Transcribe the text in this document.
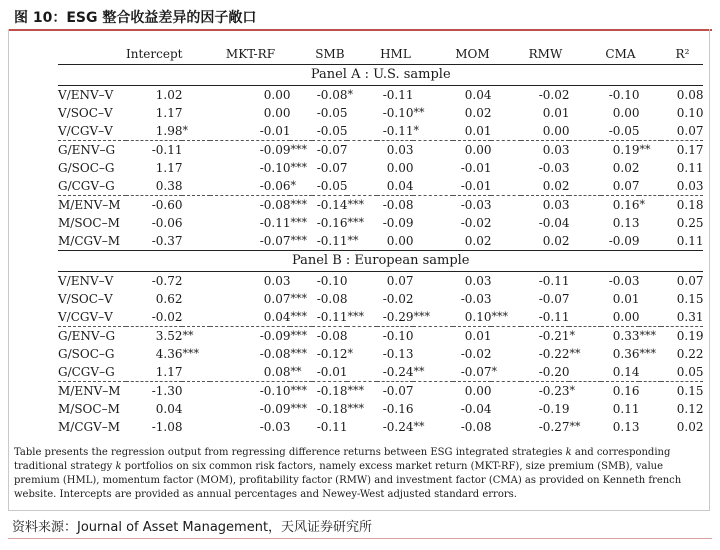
图 10：ESG 整合收益差异的因子敞口
	Intercept		MKT-RF		SMB		HML		MOM		RMW		CMA		R²
Panel A : U.S. sample															
V/ENV–V	1.02		0.00		-0.08	*	-0.11		0.04		-0.02		-0.10		0.08
V/SOC–V	1.17		0.00		-0.05		-0.10	**	0.02		0.01		0.00		0.10
V/CGV–V	1.98	*	-0.01		-0.05		-0.11	*	0.01		0.00		-0.05		0.07
G/ENV–G	-0.11		-0.09	***	-0.07		0.03		0.00		0.03		0.19	**	0.17
G/SOC–G	1.17		-0.10	***	-0.07		0.00		-0.01		-0.03		0.02		0.11
G/CGV–G	0.38		-0.06	*	-0.05		0.04		-0.01		0.02		0.07		0.03
M/ENV–M	-0.60		-0.08	***	-0.14	***	-0.08		-0.03		0.03		0.16	*	0.18
M/SOC–M	-0.06		-0.11	***	-0.16	***	-0.09		-0.02		-0.04		0.13		0.25
M/CGV–M	-0.37		-0.07	***	-0.11	**	0.00		0.02		0.02		-0.09		0.11
Panel B : European sample															
V/ENV–V	-0.72		0.03		-0.10		0.07		0.03		-0.11		-0.03		0.07
V/SOC–V	0.62		0.07	***	-0.08		-0.02		-0.03		-0.07		0.01		0.15
V/CGV–V	-0.02		0.04	***	-0.11	***	-0.29	***	0.10	***	-0.11		0.00		0.31
G/ENV–G	3.52	**	-0.09	***	-0.08		-0.10		0.01		-0.21	*	0.33	***	0.19
G/SOC–G	4.36	***	-0.08	***	-0.12	*	-0.13		-0.02		-0.22	**	0.36	***	0.22
G/CGV–G	1.17		0.08	**	-0.01		-0.24	**	-0.07	*	-0.20		0.14		0.05
M/ENV–M	-1.30		-0.10	***	-0.18	***	-0.07		0.00		-0.23	*	0.16		0.15
M/SOC–M	0.04		-0.09	***	-0.18	***	-0.16		-0.04		-0.19		0.11		0.12
M/CGV–M	-1.08		-0.03		-0.11		-0.24	**	-0.08		-0.27	**	0.13		0.02

Table presents the regression output from regressing difference returns between ESG integrated strategies k and corresponding traditional strategy k portfolios on six common risk factors, namely excess market return (MKT-RF), size premium (SMB), value premium (HML), momentum factor (MOM), profitability factor (RMW) and investment factor (CMA) as provided on Kenneth french website. Intercepts are provided as annual percentages and Newey-West adjusted standard errors.

资料来源：Journal of Asset Management，天风证券研究所
